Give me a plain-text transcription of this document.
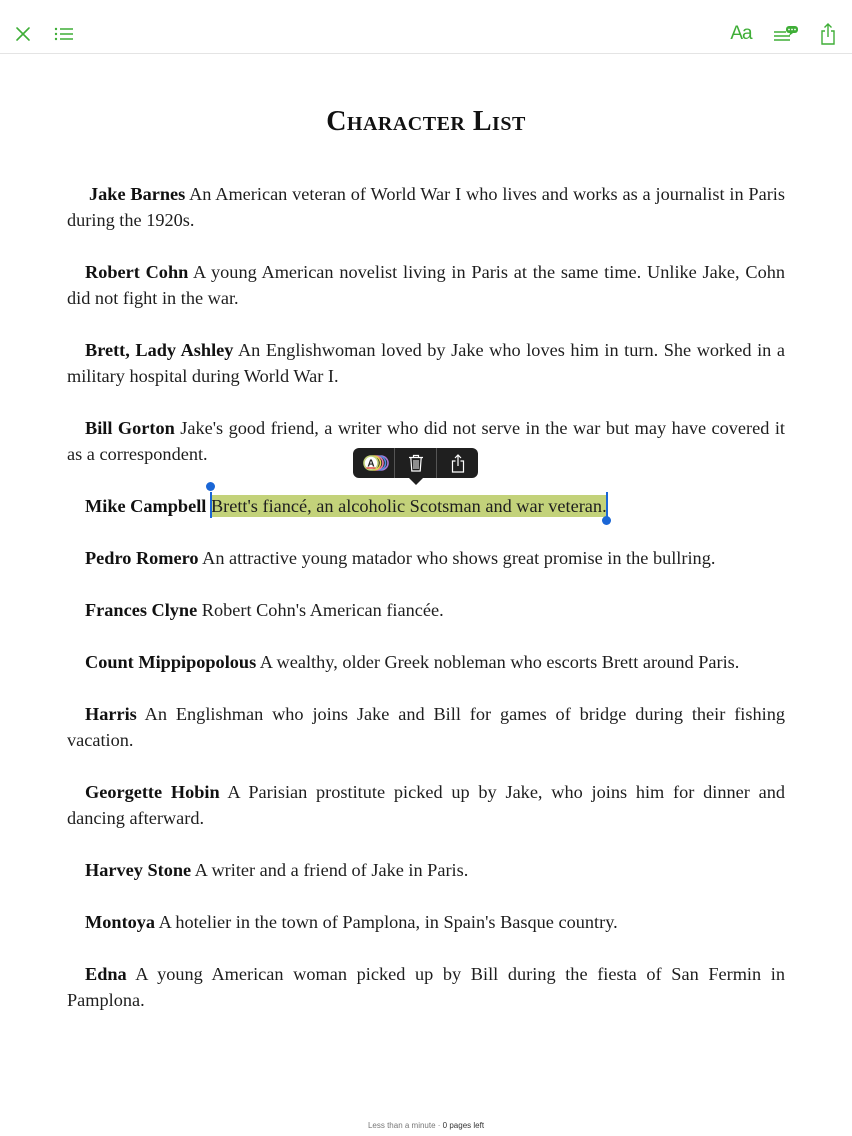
Aa
Character List

Jake Barnes An American veteran of World War I who lives and works as a journalist in Paris during the 1920s.

Robert Cohn A young American novelist living in Paris at the same time. Unlike Jake, Cohn did not fight in the war.

Brett, Lady Ashley An Englishwoman loved by Jake who loves him in turn. She worked in a military hospital during World War I.

Bill Gorton Jake's good friend, a writer who did not serve in the war but may have covered it as a correspondent.

Mike Campbell Brett's fiancé, an alcoholic Scotsman and war veteran.

Pedro Romero An attractive young matador who shows great promise in the bullring.

Frances Clyne Robert Cohn's American fiancée.

Count Mippipopolous A wealthy, older Greek nobleman who escorts Brett around Paris.

Harris An Englishman who joins Jake and Bill for games of bridge during their fishing vacation.

Georgette Hobin A Parisian prostitute picked up by Jake, who joins him for dinner and dancing afterward.

Harvey Stone A writer and a friend of Jake in Paris.

Montoya A hotelier in the town of Pamplona, in Spain's Basque country.

Edna A young American woman picked up by Bill during the fiesta of San Fermin in Pamplona.

A
Less than a minute · 0 pages left
